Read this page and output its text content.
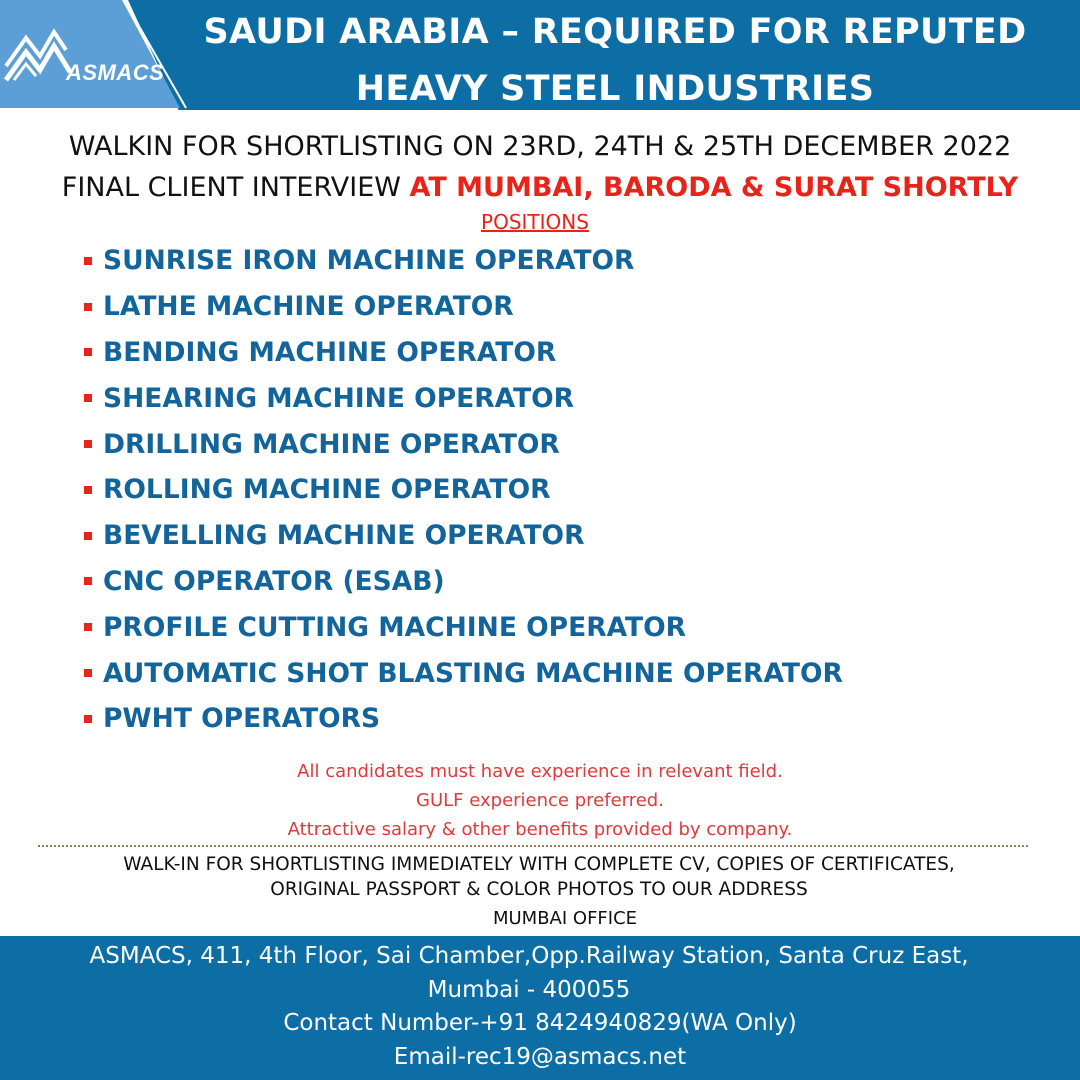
ASMACS
SAUDI ARABIA – REQUIRED FOR REPUTED
HEAVY STEEL INDUSTRIES
WALKIN FOR SHORTLISTING ON 23RD, 24TH & 25TH DECEMBER 2022
FINAL CLIENT INTERVIEW AT MUMBAI, BARODA & SURAT SHORTLY
POSITIONS
SUNRISE IRON MACHINE OPERATOR
LATHE MACHINE OPERATOR
BENDING MACHINE OPERATOR
SHEARING MACHINE OPERATOR
DRILLING MACHINE OPERATOR
ROLLING MACHINE OPERATOR
BEVELLING MACHINE OPERATOR
CNC OPERATOR (ESAB)
PROFILE CUTTING MACHINE OPERATOR
AUTOMATIC SHOT BLASTING MACHINE OPERATOR
PWHT OPERATORS
All candidates must have experience in relevant field.
GULF experience preferred.
Attractive salary & other benefits provided by company.
WALK-IN FOR SHORTLISTING IMMEDIATELY WITH COMPLETE CV, COPIES OF CERTIFICATES,
ORIGINAL PASSPORT & COLOR PHOTOS TO OUR ADDRESS
MUMBAI OFFICE
ASMACS, 411, 4th Floor, Sai Chamber,Opp.Railway Station, Santa Cruz East,
Mumbai - 400055
Contact Number-+91 8424940829(WA Only)
Email-rec19@asmacs.net
